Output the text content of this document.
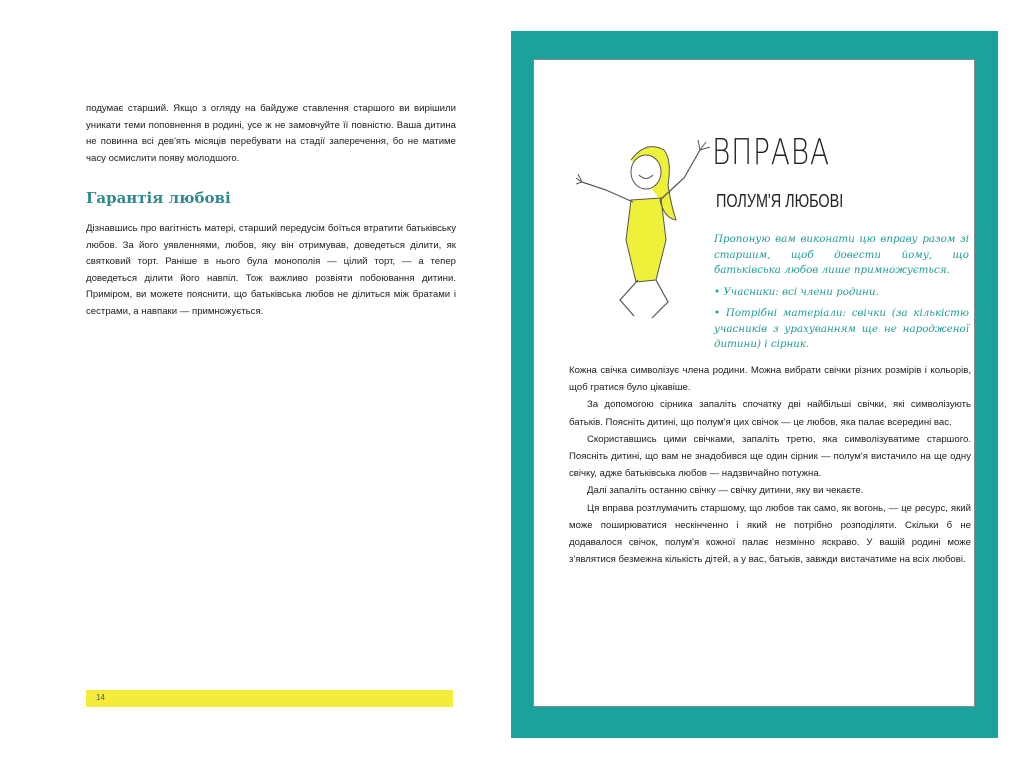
подумає старший. Якщо з огляду на байдуже ставлення старшого ви вирішили уникати теми поповнення в родині, усе ж не замовчуйте її повністю. Ваша дитина не повинна всі дев'ять місяців перебувати на стадії заперечення, бо не матиме часу осмислити появу молодшого.

Гарантія любові

Дізнавшись про вагітність матері, старший передусім боїться втратити батьківську любов. За його уявленнями, любов, яку він отримував, доведеться ділити, як святковий торт. Раніше в нього була монополія — цілий торт, — а тепер доведеться ділити його навпіл. Тож важливо розвіяти побоювання дитини. Приміром, ви можете пояснити, що батьківська любов не ділиться між братами і сестрами, а навпаки — примножується.

14
ВПРАВА
ПОЛУМ'Я ЛЮБОВІ

Пропоную вам виконати цю вправу разом зі старшим, щоб довести йому, що батьківська любов лише примножується.

• Учасники: всі члени родини.

• Потрібні матеріали: свічки (за кількістю учасників з урахуванням ще не народженої дитини) і сірник.

Кожна свічка символізує члена родини. Можна вибрати свічки різних розмірів і кольорів, щоб гратися було цікавіше.

За допомогою сірника запаліть спочатку дві найбільші свічки, які символізують батьків. Поясніть дитині, що полум'я цих свічок — це любов, яка палає всередині вас.

Скориставшись цими свічками, запаліть третю, яка символізуватиме старшого. Поясніть дитині, що вам не знадобився ще один сірник — полум'я вистачило на ще одну свічку, адже батьківська любов — надзвичайно потужна.

Далі запаліть останню свічку — свічку дитини, яку ви чекаєте.

Ця вправа розтлумачить старшому, що любов так само, як вогонь, — це ресурс, який може поширюватися нескінченно і який не потрібно розподіляти. Скільки б не додавалося свічок, полум'я кожної палає незмінно яскраво. У вашій родині може з'являтися безмежна кількість дітей, а у вас, батьків, завжди вистачатиме на всіх любові.
